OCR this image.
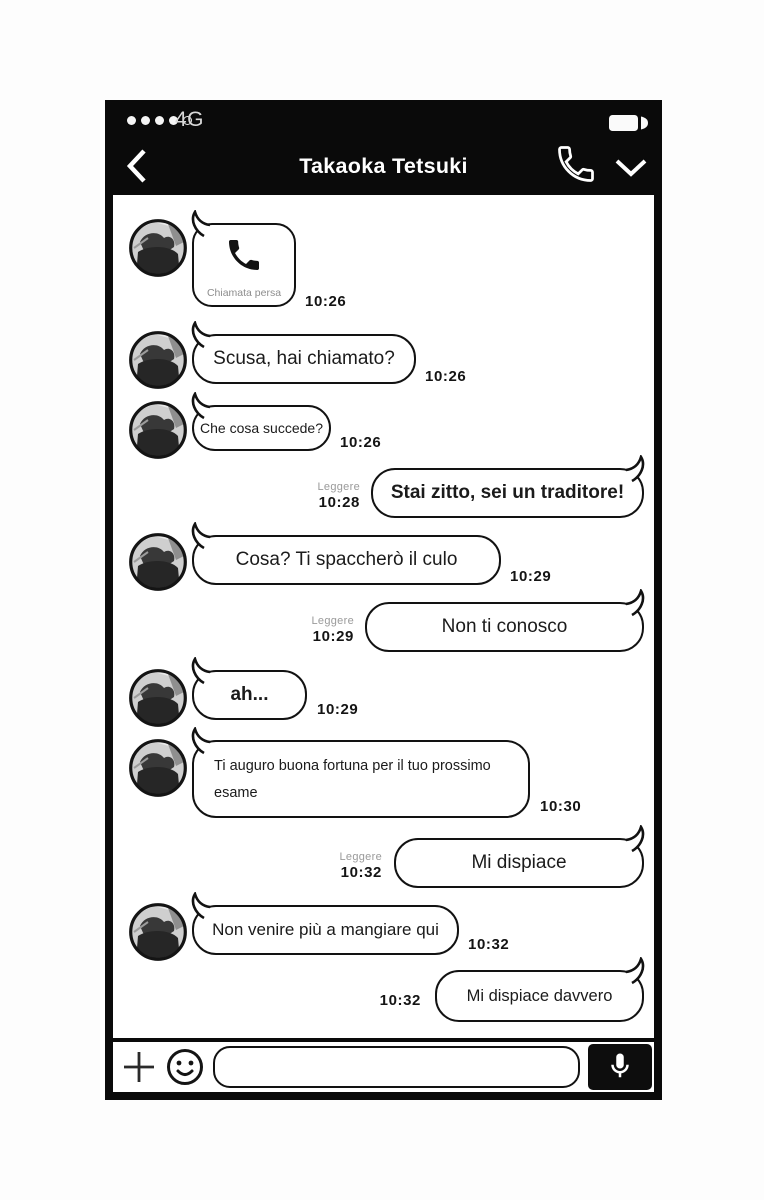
4G
Takaoka Tetsuki
Chiamata persa 10:26
Scusa, hai chiamato?
10:26
Che cosa succede?
10:26
Leggere
10:28 Stai zitto, sei un traditore!
Cosa? Ti spaccherò il culo
10:29
Leggere
10:29	Non ti conosco
ah...
10:29
Ti auguro buona fortuna per il tuo prossimo esame
10:30
Leggere
10:32	Mi dispiace
Non venire più a mangiare qui
10:32
10:32	Mi dispiace davvero
